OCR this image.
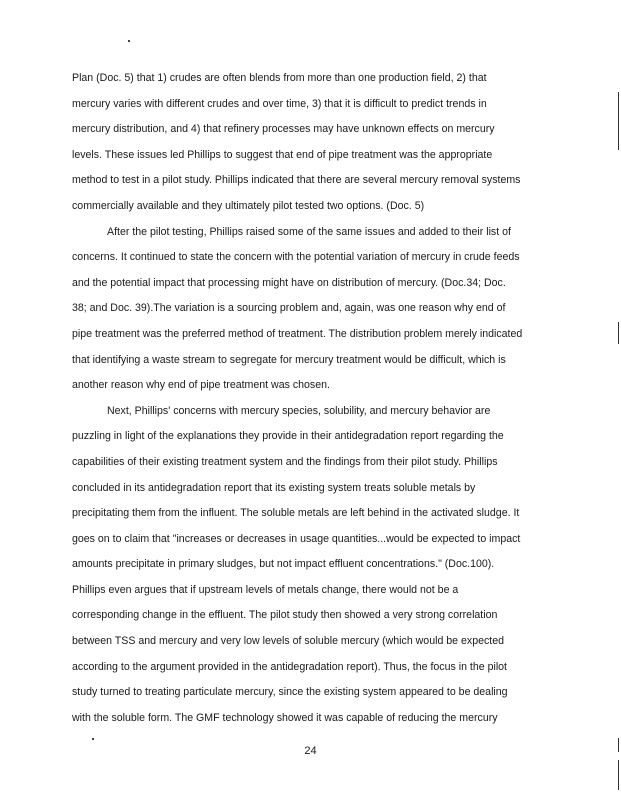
Plan (Doc. 5) that 1) crudes are often blends from more than one production field, 2) that
mercury varies with different crudes and over time, 3) that it is difficult to predict trends in
mercury distribution, and 4) that refinery processes may have unknown effects on mercury
levels. These issues led Phillips to suggest that end of pipe treatment was the appropriate
method to test in a pilot study. Phillips indicated that there are several mercury removal systems
commercially available and they ultimately pilot tested two options. (Doc. 5)
After the pilot testing, Phillips raised some of the same issues and added to their list of
concerns. It continued to state the concern with the potential variation of mercury in crude feeds
and the potential impact that processing might have on distribution of mercury. (Doc.34; Doc.
38; and Doc. 39).The variation is a sourcing problem and, again, was one reason why end of
pipe treatment was the preferred method of treatment. The distribution problem merely indicated
that identifying a waste stream to segregate for mercury treatment would be difficult, which is
another reason why end of pipe treatment was chosen.
Next, Phillips' concerns with mercury species, solubility, and mercury behavior are
puzzling in light of the explanations they provide in their antidegradation report regarding the
capabilities of their existing treatment system and the findings from their pilot study. Phillips
concluded in its antidegradation report that its existing system treats soluble metals by
precipitating them from the influent. The soluble metals are left behind in the activated sludge. It
goes on to claim that "increases or decreases in usage quantities...would be expected to impact
amounts precipitate in primary sludges, but not impact effluent concentrations." (Doc.100).
Phillips even argues that if upstream levels of metals change, there would not be a
corresponding change in the effluent. The pilot study then showed a very strong correlation
between TSS and mercury and very low levels of soluble mercury (which would be expected
according to the argument provided in the antidegradation report). Thus, the focus in the pilot
study turned to treating particulate mercury, since the existing system appeared to be dealing
with the soluble form. The GMF technology showed it was capable of reducing the mercury
24
